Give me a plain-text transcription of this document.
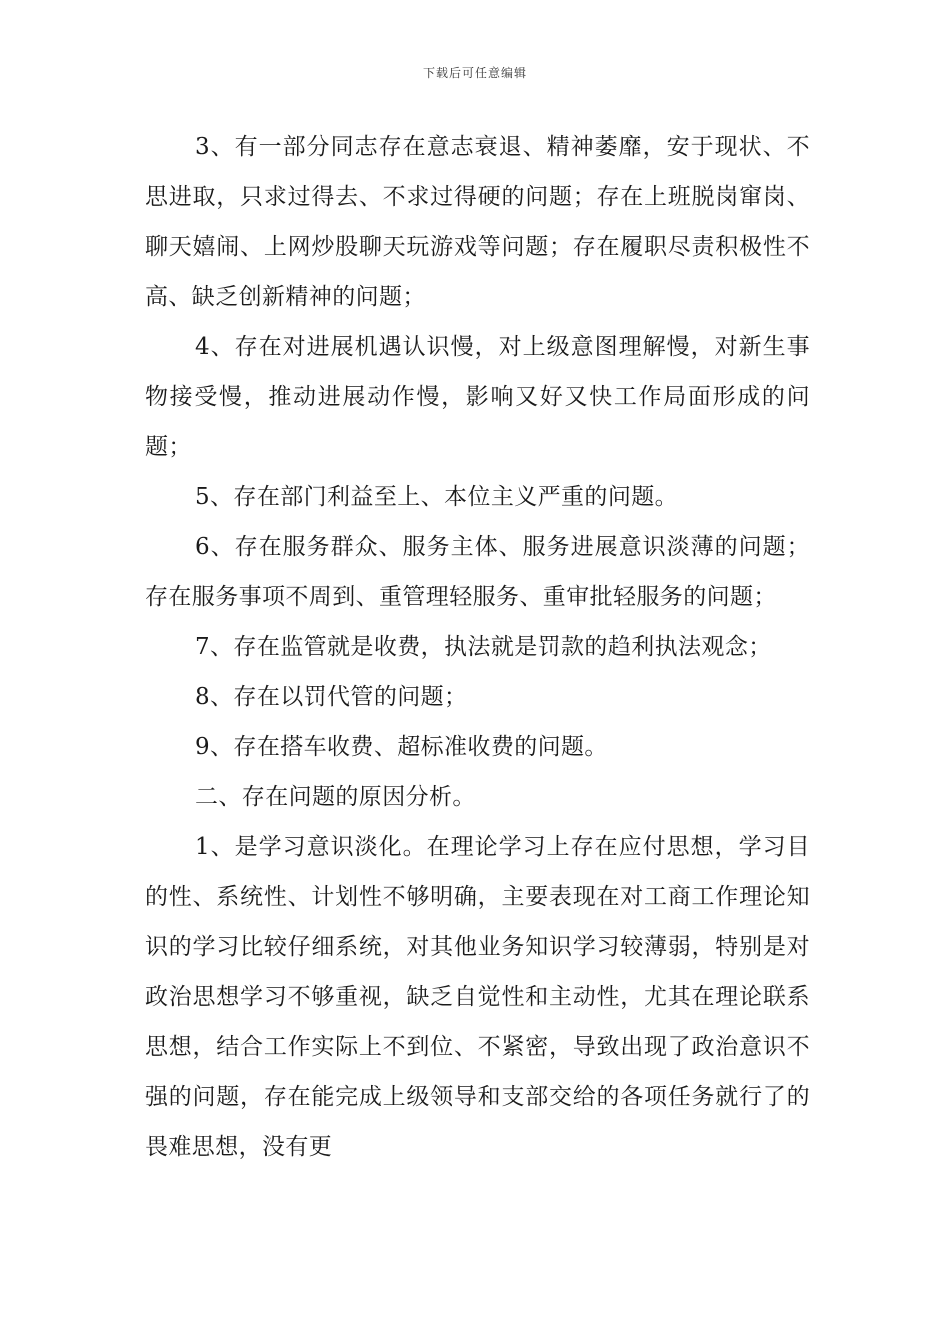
下载后可任意编辑

3、有一部分同志存在意志衰退、精神萎靡，安于现状、不思进取，只求过得去、不求过得硬的问题；存在上班脱岗窜岗、聊天嬉闹、上网炒股聊天玩游戏等问题；存在履职尽责积极性不高、缺乏创新精神的问题；

4、存在对进展机遇认识慢，对上级意图理解慢，对新生事物接受慢，推动进展动作慢，影响又好又快工作局面形成的问题；

5、存在部门利益至上、本位主义严重的问题。

6、存在服务群众、服务主体、服务进展意识淡薄的问题；存在服务事项不周到、重管理轻服务、重审批轻服务的问题；

7、存在监管就是收费，执法就是罚款的趋利执法观念；

8、存在以罚代管的问题；

9、存在搭车收费、超标准收费的问题。

二、存在问题的原因分析。

1、是学习意识淡化。在理论学习上存在应付思想，学习目的性、系统性、计划性不够明确，主要表现在对工商工作理论知识的学习比较仔细系统，对其他业务知识学习较薄弱，特别是对政治思想学习不够重视，缺乏自觉性和主动性，尤其在理论联系思想，结合工作实际上不到位、不紧密，导致出现了政治意识不强的问题，存在能完成上级领导和支部交给的各项任务就行了的畏难思想，没有更
